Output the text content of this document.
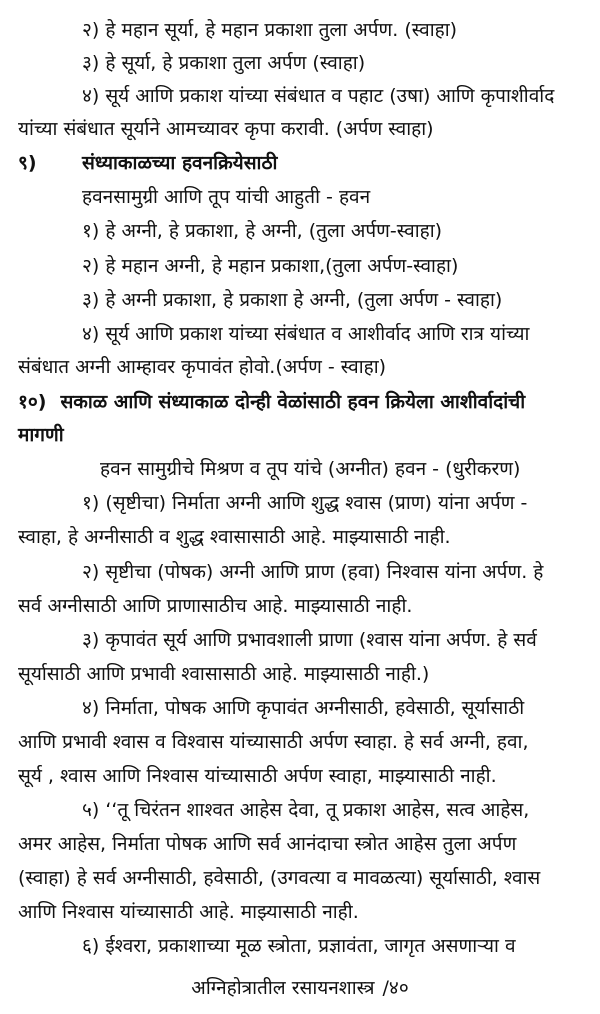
२) हे महान सूर्या, हे महान प्रकाशा तुला अर्पण. (स्वाहा)
३) हे सूर्या, हे प्रकाशा तुला अर्पण (स्वाहा)
४) सूर्य आणि प्रकाश यांच्या संबंधात व पहाट (उषा) आणि कृपाशीर्वाद
यांच्या संबंधात सूर्याने आमच्यावर कृपा करावी. (अर्पण स्वाहा)
९) संध्याकाळच्या हवनक्रियेसाठी
हवनसामुग्री आणि तूप यांची आहुती - हवन
१) हे अग्नी, हे प्रकाशा, हे अग्नी, (तुला अर्पण-स्वाहा)
२) हे महान अग्नी, हे महान प्रकाशा,(तुला अर्पण-स्वाहा)
३) हे अग्नी प्रकाशा, हे प्रकाशा हे अग्नी, (तुला अर्पण - स्वाहा)
४) सूर्य आणि प्रकाश यांच्या संबंधात व आशीर्वाद आणि रात्र यांच्या
संबंधात अग्नी आम्हावर कृपावंत होवो.(अर्पण - स्वाहा)
१०) सकाळ आणि संध्याकाळ दोन्ही वेळांसाठी हवन क्रियेला आशीर्वादांची
मागणी
हवन सामुग्रीचे मिश्रण व तूप यांचे (अग्नीत) हवन - (धुरीकरण)
१) (सृष्टीचा) निर्माता अग्नी आणि शुद्ध श्वास (प्राण) यांना अर्पण -
स्वाहा, हे अग्नीसाठी व शुद्ध श्वासासाठी आहे. माझ्यासाठी नाही.
२) सृष्टीचा (पोषक) अग्नी आणि प्राण (हवा) निश्वास यांना अर्पण. हे
सर्व अग्नीसाठी आणि प्राणासाठीच आहे. माझ्यासाठी नाही.
३) कृपावंत सूर्य आणि प्रभावशाली प्राणा (श्वास यांना अर्पण. हे सर्व
सूर्यासाठी आणि प्रभावी श्वासासाठी आहे. माझ्यासाठी नाही.)
४) निर्माता, पोषक आणि कृपावंत अग्नीसाठी, हवेसाठी, सूर्यासाठी
आणि प्रभावी श्वास व विश्वास यांच्यासाठी अर्पण स्वाहा. हे सर्व अग्नी, हवा,
सूर्य , श्वास आणि निश्वास यांच्यासाठी अर्पण स्वाहा, माझ्यासाठी नाही.
५) ‘‘तू चिरंतन शाश्वत आहेस देवा, तू प्रकाश आहेस, सत्व आहेस,
अमर आहेस, निर्माता पोषक आणि सर्व आनंदाचा स्त्रोत आहेस तुला अर्पण
(स्वाहा) हे सर्व अग्नीसाठी, हवेसाठी, (उगवत्या व मावळत्या) सूर्यासाठी, श्वास
आणि निश्वास यांच्यासाठी आहे. माझ्यासाठी नाही.
६) ईश्वरा, प्रकाशाच्या मूळ स्त्रोता, प्रज्ञावंता, जागृत असणाऱ्या व
अग्निहोत्रातील रसायनशास्त्र /४०
